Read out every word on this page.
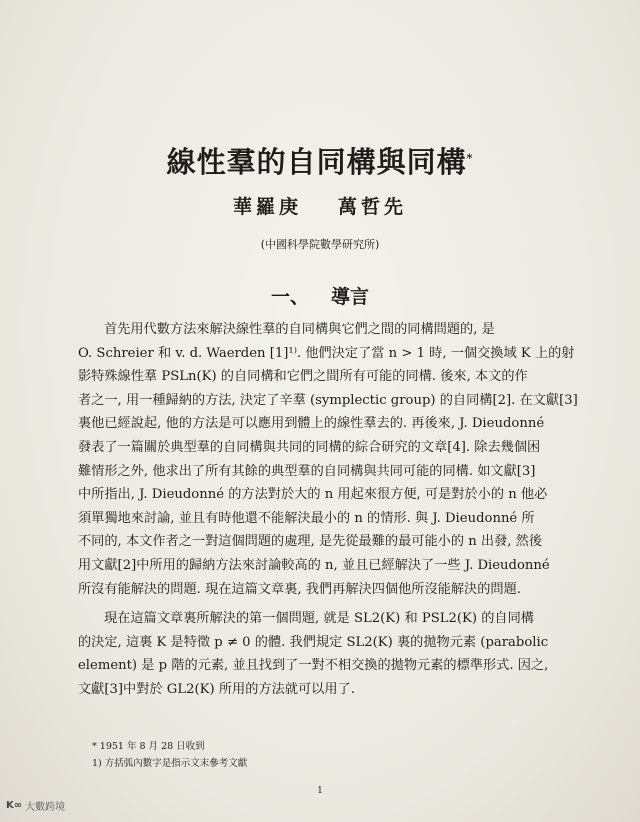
線性羣的自同構與同構*
華羅庚 萬哲先
(中國科學院數學研究所)
一、 導言
首先用代數方法來解決線性羣的自同構與它們之間的同構問題的, 是
O. Schreier 和 v. d. Waerden [1]¹⁾. 他們決定了當 n > 1 時, 一個交換域 K 上的射
影特殊線性羣 PSLn(K) 的自同構和它們之間所有可能的同構. 後來, 本文的作
者之一, 用一種歸納的方法, 決定了辛羣 (symplectic group) 的自同構[2]. 在文獻[3]
裏他已經說起, 他的方法是可以應用到體上的線性羣去的. 再後來, J. Dieudonné
發表了一篇關於典型羣的自同構與共同的同構的綜合研究的文章[4]. 除去幾個困
難情形之外, 他求出了所有其餘的典型羣的自同構與共同可能的同構. 如文獻[3]
中所指出, J. Dieudonné 的方法對於大的 n 用起來很方便, 可是對於小的 n 他必
須單獨地來討論, 並且有時他還不能解決最小的 n 的情形. 與 J. Dieudonné 所
不同的, 本文作者之一對這個問題的處理, 是先從最難的最可能小的 n 出發, 然後
用文獻[2]中所用的歸納方法來討論較高的 n, 並且已經解決了一些 J. Dieudonné
所沒有能解決的問題. 現在這篇文章裏, 我們再解決四個他所沒能解決的問題.
現在這篇文章裏所解決的第一個問題, 就是 SL2(K) 和 PSL2(K) 的自同構
的決定, 這裏 K 是特徵 p ≠ 0 的體. 我們規定 SL2(K) 裏的拋物元素 (parabolic
element) 是 p 階的元素, 並且找到了一對不相交換的拋物元素的標準形式. 因之,
文獻[3]中對於 GL2(K) 所用的方法就可以用了.
* 1951 年 8 月 28 日收到
1) 方括弧內數字是指示文末參考文獻
1
K∞ 大數跨境
